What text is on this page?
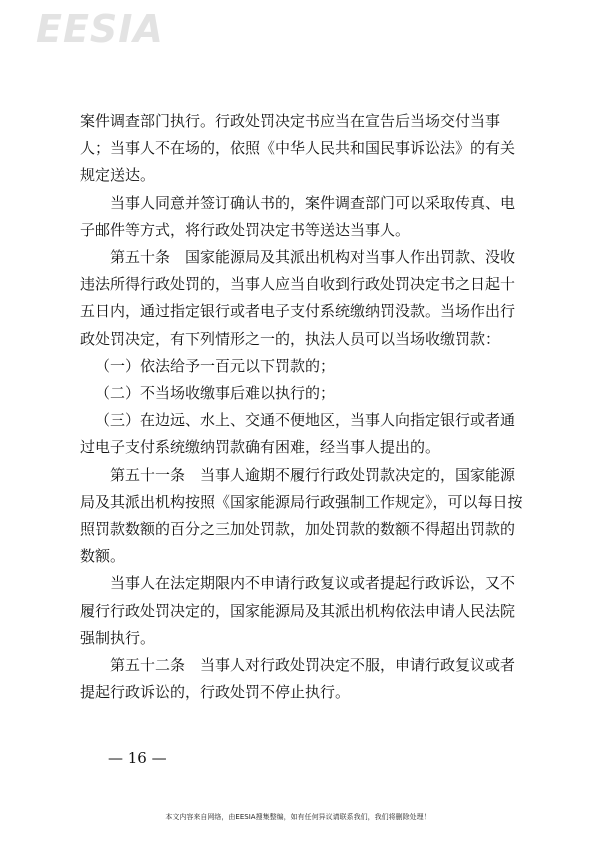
EESIA

案件调查部门执行。行政处罚决定书应当在宣告后当场交付当事人；当事人不在场的，依照《中华人民共和国民事诉讼法》的有关规定送达。

当事人同意并签订确认书的，案件调查部门可以采取传真、电子邮件等方式，将行政处罚决定书等送达当事人。

第五十条　国家能源局及其派出机构对当事人作出罚款、没收违法所得行政处罚的，当事人应当自收到行政处罚决定书之日起十五日内，通过指定银行或者电子支付系统缴纳罚没款。当场作出行政处罚决定，有下列情形之一的，执法人员可以当场收缴罚款：

（一）依法给予一百元以下罚款的；

（二）不当场收缴事后难以执行的；

（三）在边远、水上、交通不便地区，当事人向指定银行或者通过电子支付系统缴纳罚款确有困难，经当事人提出的。

第五十一条　当事人逾期不履行行政处罚款决定的，国家能源局及其派出机构按照《国家能源局行政强制工作规定》，可以每日按照罚款数额的百分之三加处罚款，加处罚款的数额不得超出罚款的数额。

当事人在法定期限内不申请行政复议或者提起行政诉讼，又不履行行政处罚决定的，国家能源局及其派出机构依法申请人民法院强制执行。

第五十二条　当事人对行政处罚决定不服，申请行政复议或者提起行政诉讼的，行政处罚不停止执行。

— 16 —
本文内容来自网络，由EESIA搜集整编，如有任何异议请联系我们，我们将删除处理！
